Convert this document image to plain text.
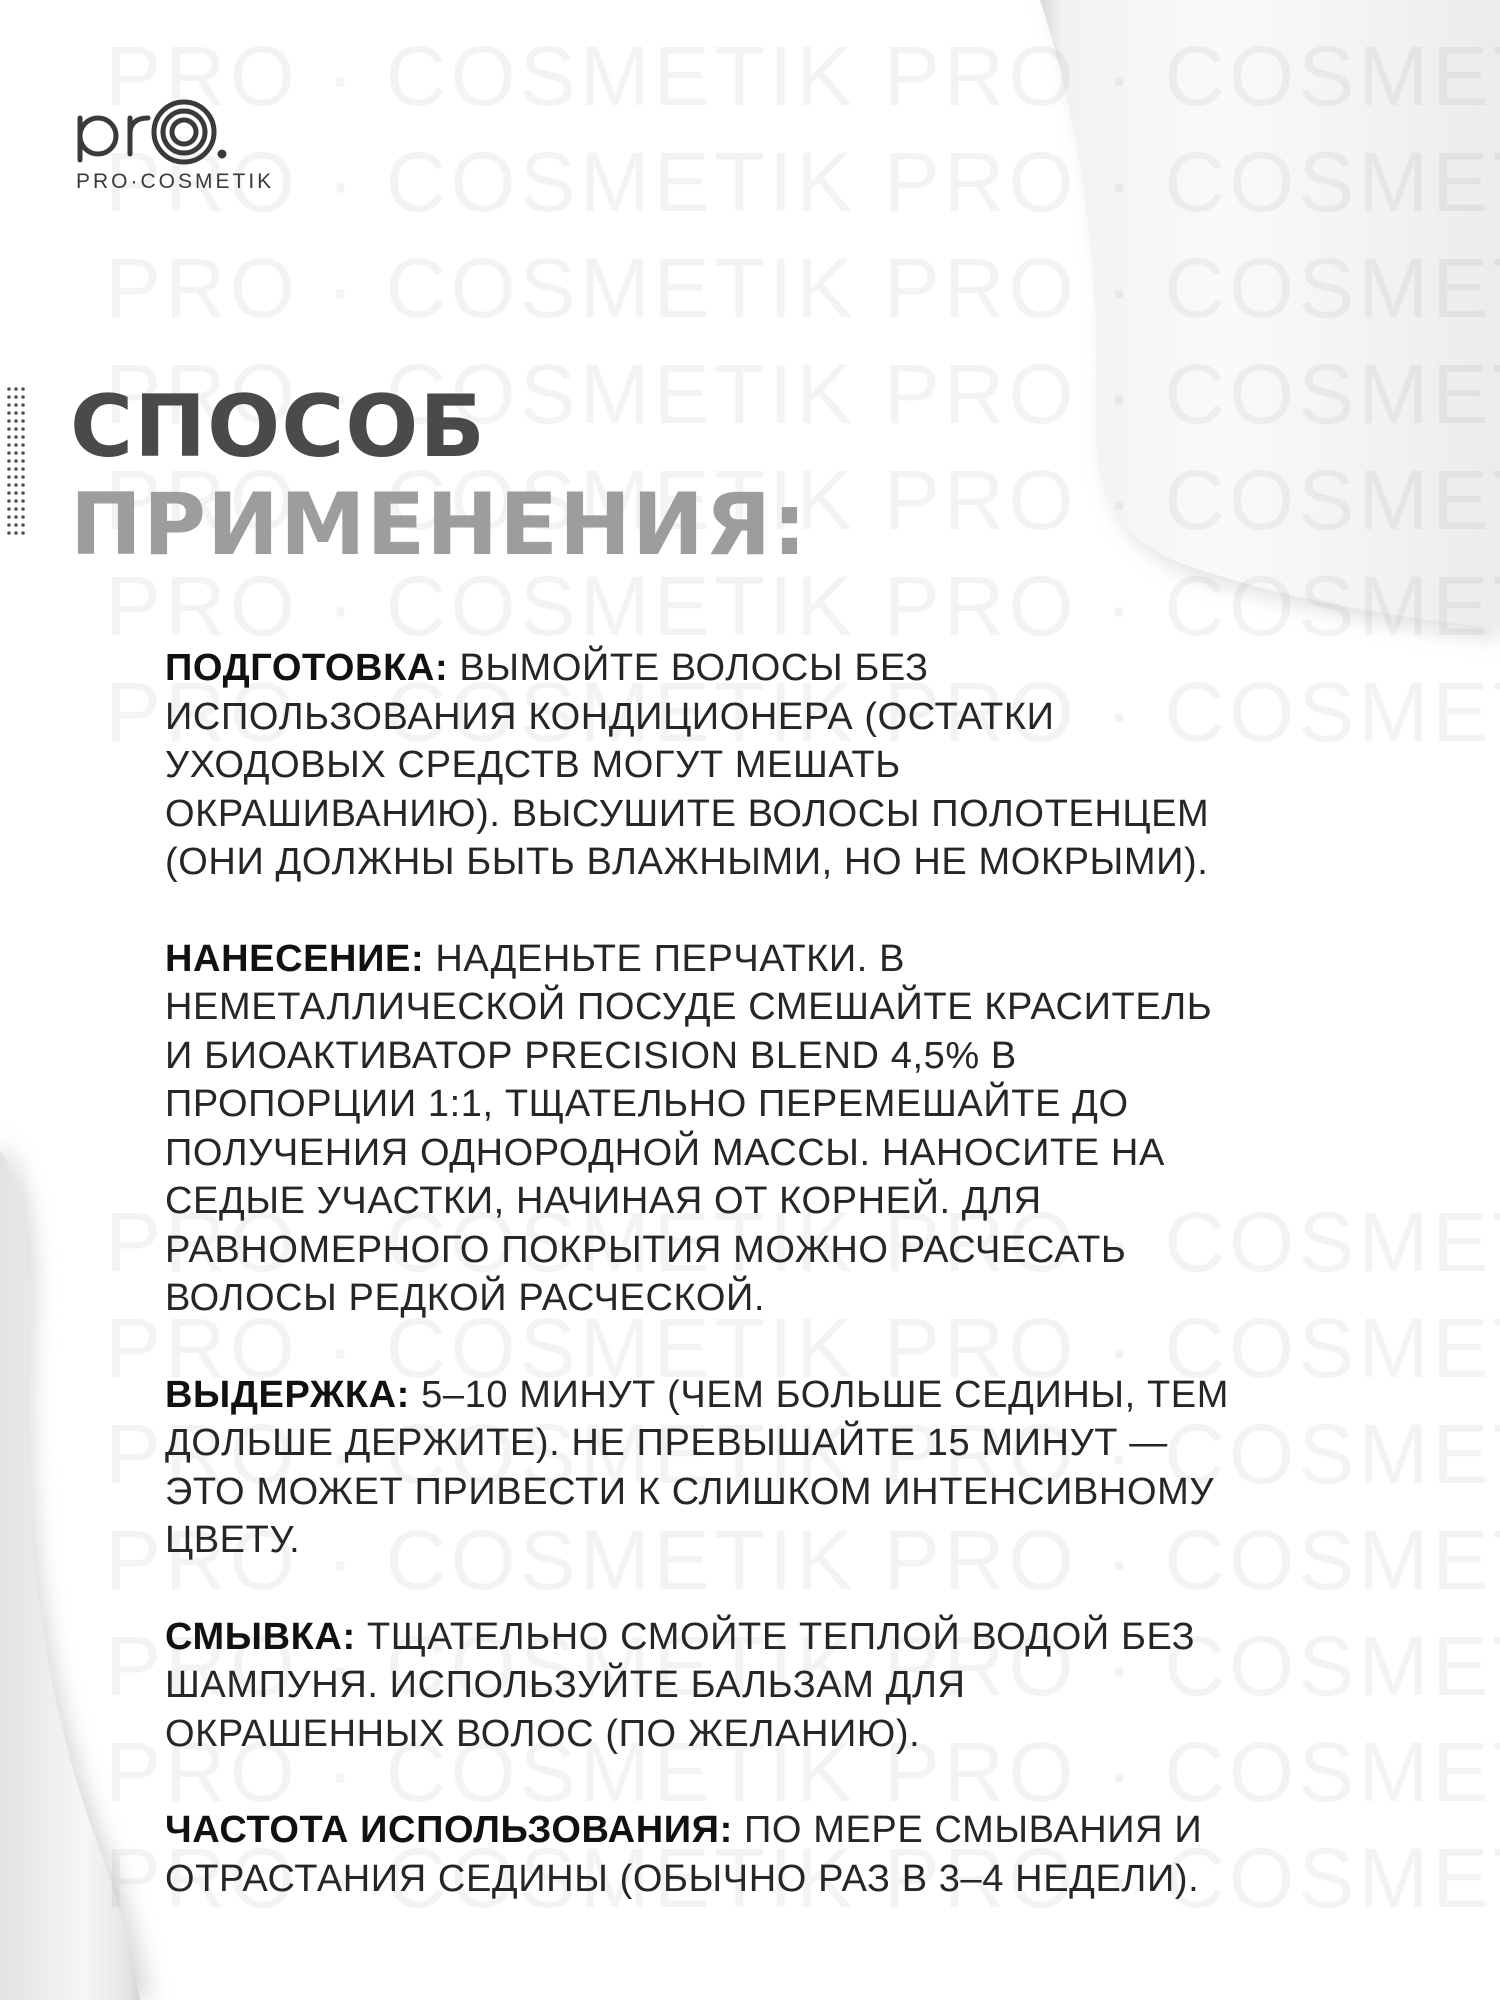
PRO·COSMETIK
СПОСОБ
ПРИМЕНЕНИЯ:

ПОДГОТОВКА: ВЫМОЙТЕ ВОЛОСЫ БЕЗ
ИСПОЛЬЗОВАНИЯ КОНДИЦИОНЕРА (ОСТАТКИ
УХОДОВЫХ СРЕДСТВ МОГУТ МЕШАТЬ
ОКРАШИВАНИЮ). ВЫСУШИТЕ ВОЛОСЫ ПОЛОТЕНЦЕМ
(ОНИ ДОЛЖНЫ БЫТЬ ВЛАЖНЫМИ, НО НЕ МОКРЫМИ).

НАНЕСЕНИЕ: НАДЕНЬТЕ ПЕРЧАТКИ. В
НЕМЕТАЛЛИЧЕСКОЙ ПОСУДЕ СМЕШАЙТЕ КРАСИТЕЛЬ
И БИОАКТИВАТОР PRECISION BLEND 4,5% В
ПРОПОРЦИИ 1:1, ТЩАТЕЛЬНО ПЕРЕМЕШАЙТЕ ДО
ПОЛУЧЕНИЯ ОДНОРОДНОЙ МАССЫ. НАНОСИТЕ НА
СЕДЫЕ УЧАСТКИ, НАЧИНАЯ ОТ КОРНЕЙ. ДЛЯ
РАВНОМЕРНОГО ПОКРЫТИЯ МОЖНО РАСЧЕСАТЬ
ВОЛОСЫ РЕДКОЙ РАСЧЕСКОЙ.

ВЫДЕРЖКА: 5–10 МИНУТ (ЧЕМ БОЛЬШЕ СЕДИНЫ, ТЕМ
ДОЛЬШЕ ДЕРЖИТЕ). НЕ ПРЕВЫШАЙТЕ 15 МИНУТ —
ЭТО МОЖЕТ ПРИВЕСТИ К СЛИШКОМ ИНТЕНСИВНОМУ
ЦВЕТУ.

СМЫВКА: ТЩАТЕЛЬНО СМОЙТЕ ТЕПЛОЙ ВОДОЙ БЕЗ
ШАМПУНЯ. ИСПОЛЬЗУЙТЕ БАЛЬЗАМ ДЛЯ
ОКРАШЕННЫХ ВОЛОС (ПО ЖЕЛАНИЮ).

ЧАСТОТА ИСПОЛЬЗОВАНИЯ: ПО МЕРЕ СМЫВАНИЯ И
ОТРАСТАНИЯ СЕДИНЫ (ОБЫЧНО РАЗ В 3–4 НЕДЕЛИ).
